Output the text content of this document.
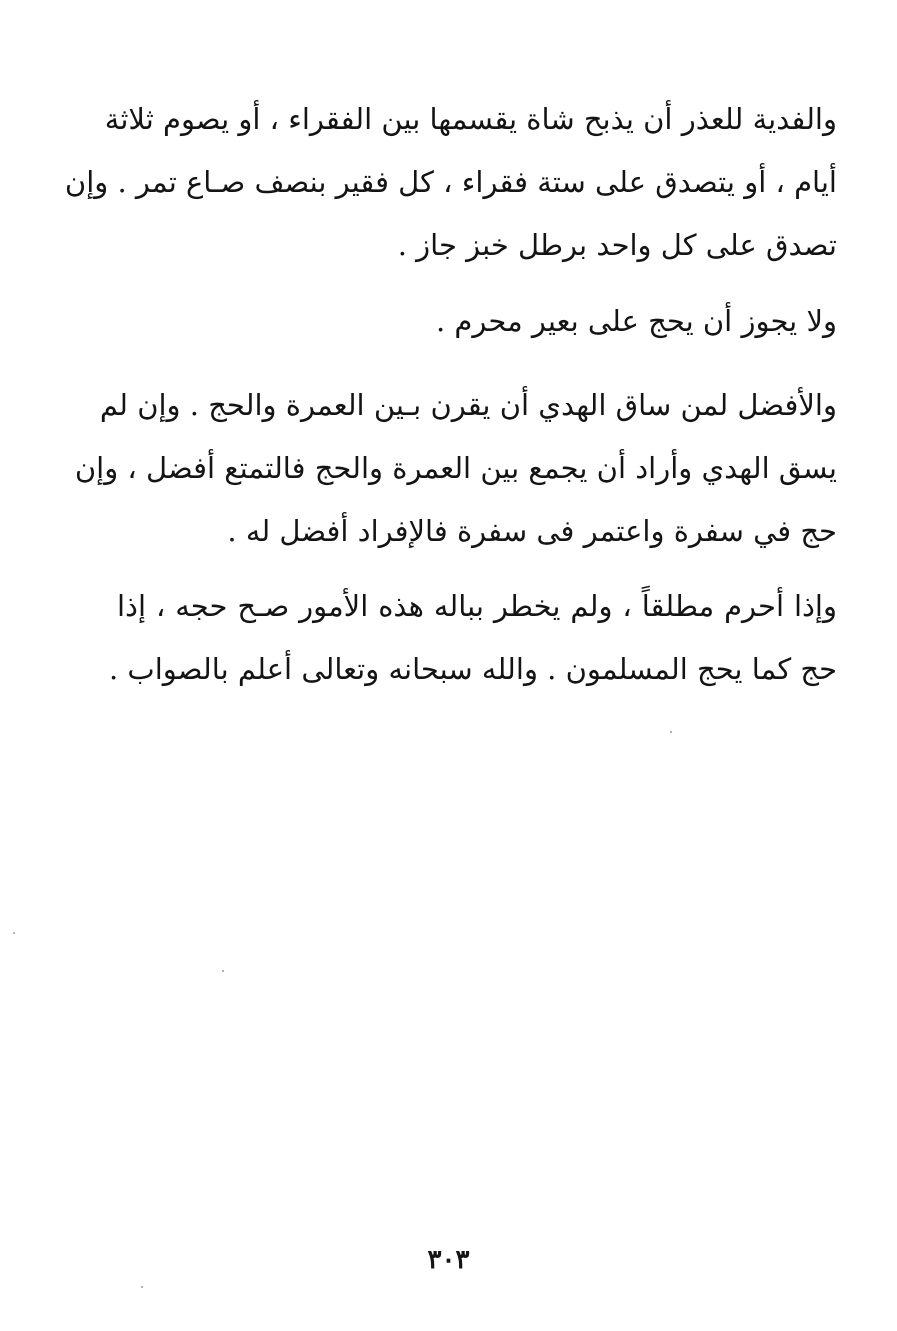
والفدية للعذر أن يذبح شاة يقسمها بين الفقراء ، أو يصوم ثلاثة
أيام ، أو يتصدق على ستة فقراء ، كل فقير بنصف صـاع تمر . وإن
تصدق على كل واحد برطل خبز جاز .
ولا يجوز أن يحج على بعير محرم .
والأفضل لمن ساق الهدي أن يقرن بـين العمرة والحج . وإن لم
يسق الهدي وأراد أن يجمع بين العمرة والحج فالتمتع أفضل ، وإن
حج في سفرة واعتمر فى سفرة فالإفراد أفضل له .
وإذا أحرم مطلقاً ، ولم يخطر بباله هذه الأمور صـح حجه ، إذا
حج كما يحج المسلمون . والله سبحانه وتعالى أعلم بالصواب .
٣٠٣
